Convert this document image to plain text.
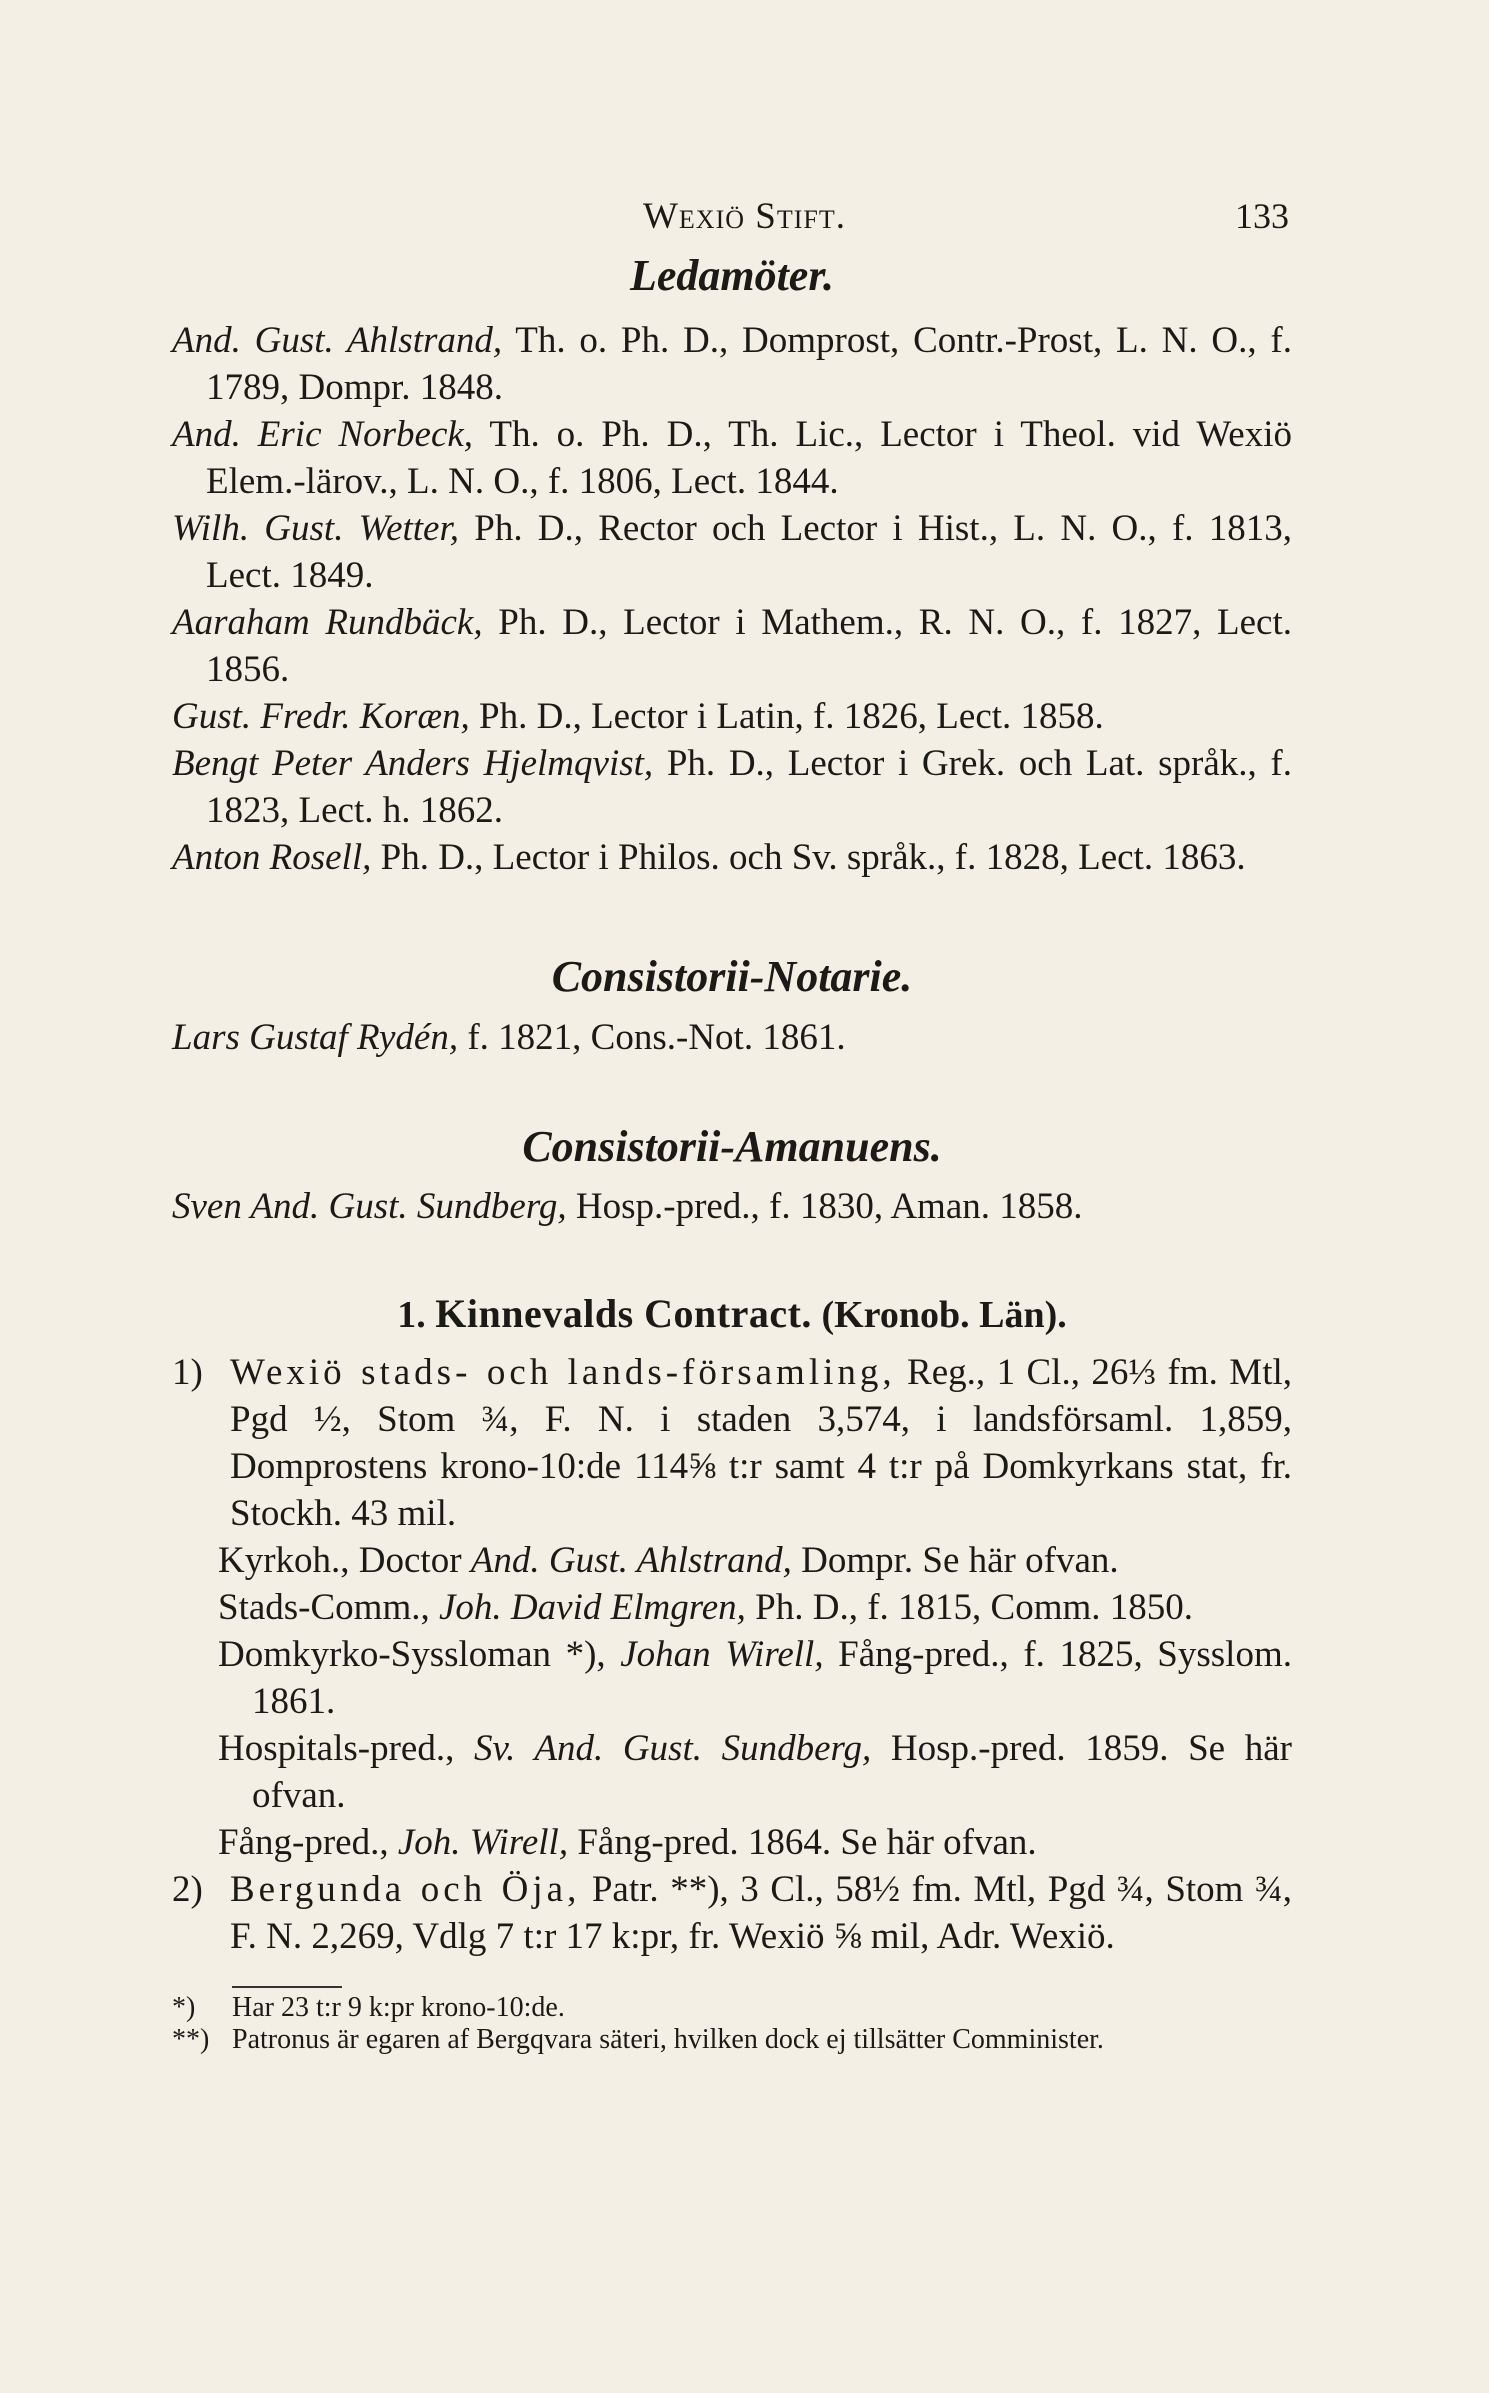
Wexiö Stift.	133
Ledamöter.

And. Gust. Ahlstrand, Th. o. Ph. D., Domprost, Contr.-Prost, L. N. O., f. 1789, Dompr. 1848.

And. Eric Norbeck, Th. o. Ph. D., Th. Lic., Lector i Theol. vid Wexiö Elem.-lärov., L. N. O., f. 1806, Lect. 1844.

Wilh. Gust. Wetter, Ph. D., Rector och Lector i Hist., L. N. O., f. 1813, Lect. 1849.

Aaraham Rundbäck, Ph. D., Lector i Mathem., R. N. O., f. 1827, Lect. 1856.

Gust. Fredr. Koræn, Ph. D., Lector i Latin, f. 1826, Lect. 1858.

Bengt Peter Anders Hjelmqvist, Ph. D., Lector i Grek. och Lat. språk., f. 1823, Lect. h. 1862.

Anton Rosell, Ph. D., Lector i Philos. och Sv. språk., f. 1828, Lect. 1863.

Consistorii-Notarie.

Lars Gustaf Rydén, f. 1821, Cons.-Not. 1861.

Consistorii-Amanuens.

Sven And. Gust. Sundberg, Hosp.-pred., f. 1830, Aman. 1858.

1. Kinnevalds Contract. (Kronob. Län).

1) Wexiö stads- och lands-församling, Reg., 1 Cl., 26⅓ fm. Mtl, Pgd ½, Stom ¾, F. N. i staden 3,574, i landsförsaml. 1,859, Domprostens krono-10:de 114⅝ t:r samt 4 t:r på Domkyrkans stat, fr. Stockh. 43 mil.

Kyrkoh., Doctor And. Gust. Ahlstrand, Dompr. Se här ofvan.

Stads-Comm., Joh. David Elmgren, Ph. D., f. 1815, Comm. 1850.

Domkyrko-Syssloman *), Johan Wirell, Fång-pred., f. 1825, Sysslom. 1861.

Hospitals-pred., Sv. And. Gust. Sundberg, Hosp.-pred. 1859. Se här ofvan.

Fång-pred., Joh. Wirell, Fång-pred. 1864. Se här ofvan.

2) Bergunda och Öja, Patr. **), 3 Cl., 58½ fm. Mtl, Pgd ¾, Stom ¾, F. N. 2,269, Vdlg 7 t:r 17 k:pr, fr. Wexiö ⅝ mil, Adr. Wexiö.

*) Har 23 t:r 9 k:pr krono-10:de.

**) Patronus är egaren af Bergqvara säteri, hvilken dock ej tillsätter Comminister.
